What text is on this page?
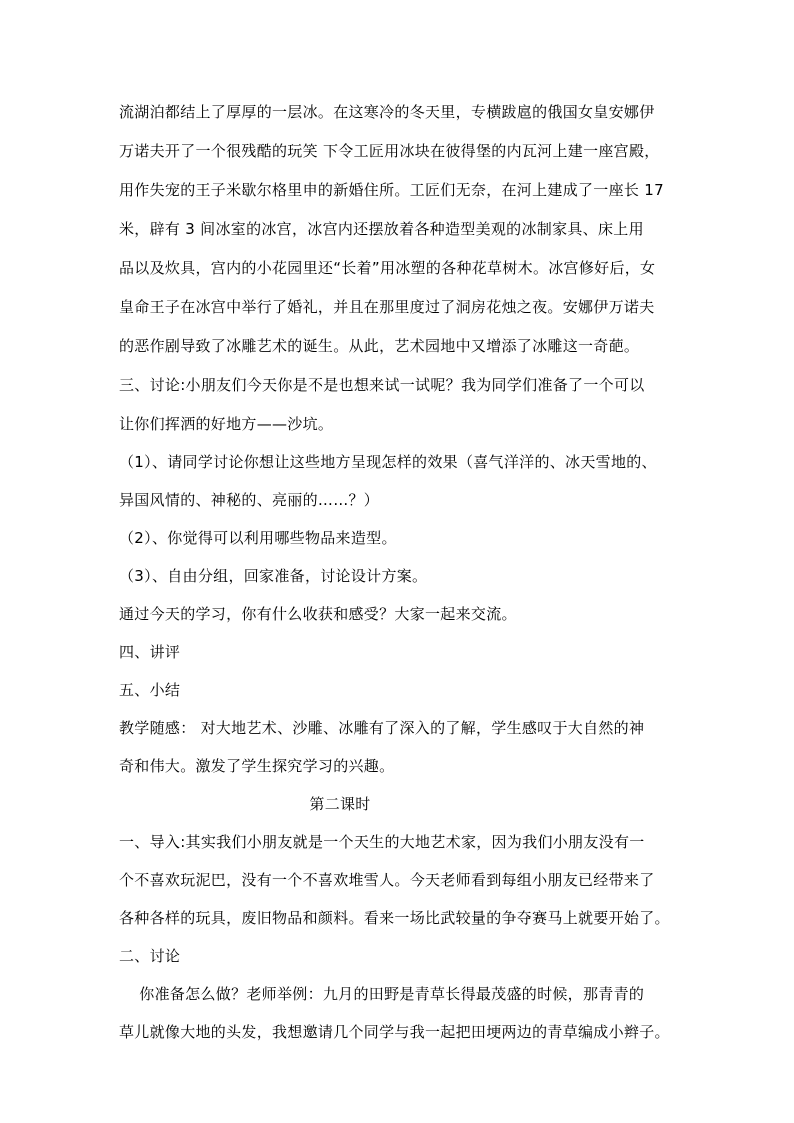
流湖泊都结上了厚厚的一层冰。在这寒冷的冬天里，专横跋扈的俄国女皇安娜伊
万诺夫开了一个很残酷的玩笑 下令工匠用冰块在彼得堡的内瓦河上建一座宫殿，
用作失宠的王子米歇尔格里申的新婚住所。工匠们无奈，在河上建成了一座长 17
米，辟有 3 间冰室的冰宫，冰宫内还摆放着各种造型美观的冰制家具、床上用
品以及炊具，宫内的小花园里还“长着”用冰塑的各种花草树木。冰宫修好后，女
皇命王子在冰宫中举行了婚礼，并且在那里度过了洞房花烛之夜。安娜伊万诺夫
的恶作剧导致了冰雕艺术的诞生。从此，艺术园地中又增添了冰雕这一奇葩。
三、讨论:小朋友们今天你是不是也想来试一试呢？我为同学们准备了一个可以
让你们挥洒的好地方——沙坑。
（1）、请同学讨论你想让这些地方呈现怎样的效果（喜气洋洋的、冰天雪地的、
异国风情的、神秘的、亮丽的……？）
（2）、你觉得可以利用哪些物品来造型。
（3）、自由分组，回家准备，讨论设计方案。
通过今天的学习，你有什么收获和感受？大家一起来交流。
四、讲评
五、小结
教学随感： 对大地艺术、沙雕、冰雕有了深入的了解，学生感叹于大自然的神
奇和伟大。激发了学生探究学习的兴趣。
第二课时
一、导入:其实我们小朋友就是一个天生的大地艺术家，因为我们小朋友没有一
个不喜欢玩泥巴，没有一个不喜欢堆雪人。今天老师看到每组小朋友已经带来了
各种各样的玩具，废旧物品和颜料。看来一场比武较量的争夺赛马上就要开始了。
二、讨论
你准备怎么做？老师举例：九月的田野是青草长得最茂盛的时候，那青青的
草儿就像大地的头发，我想邀请几个同学与我一起把田埂两边的青草编成小辫子。
